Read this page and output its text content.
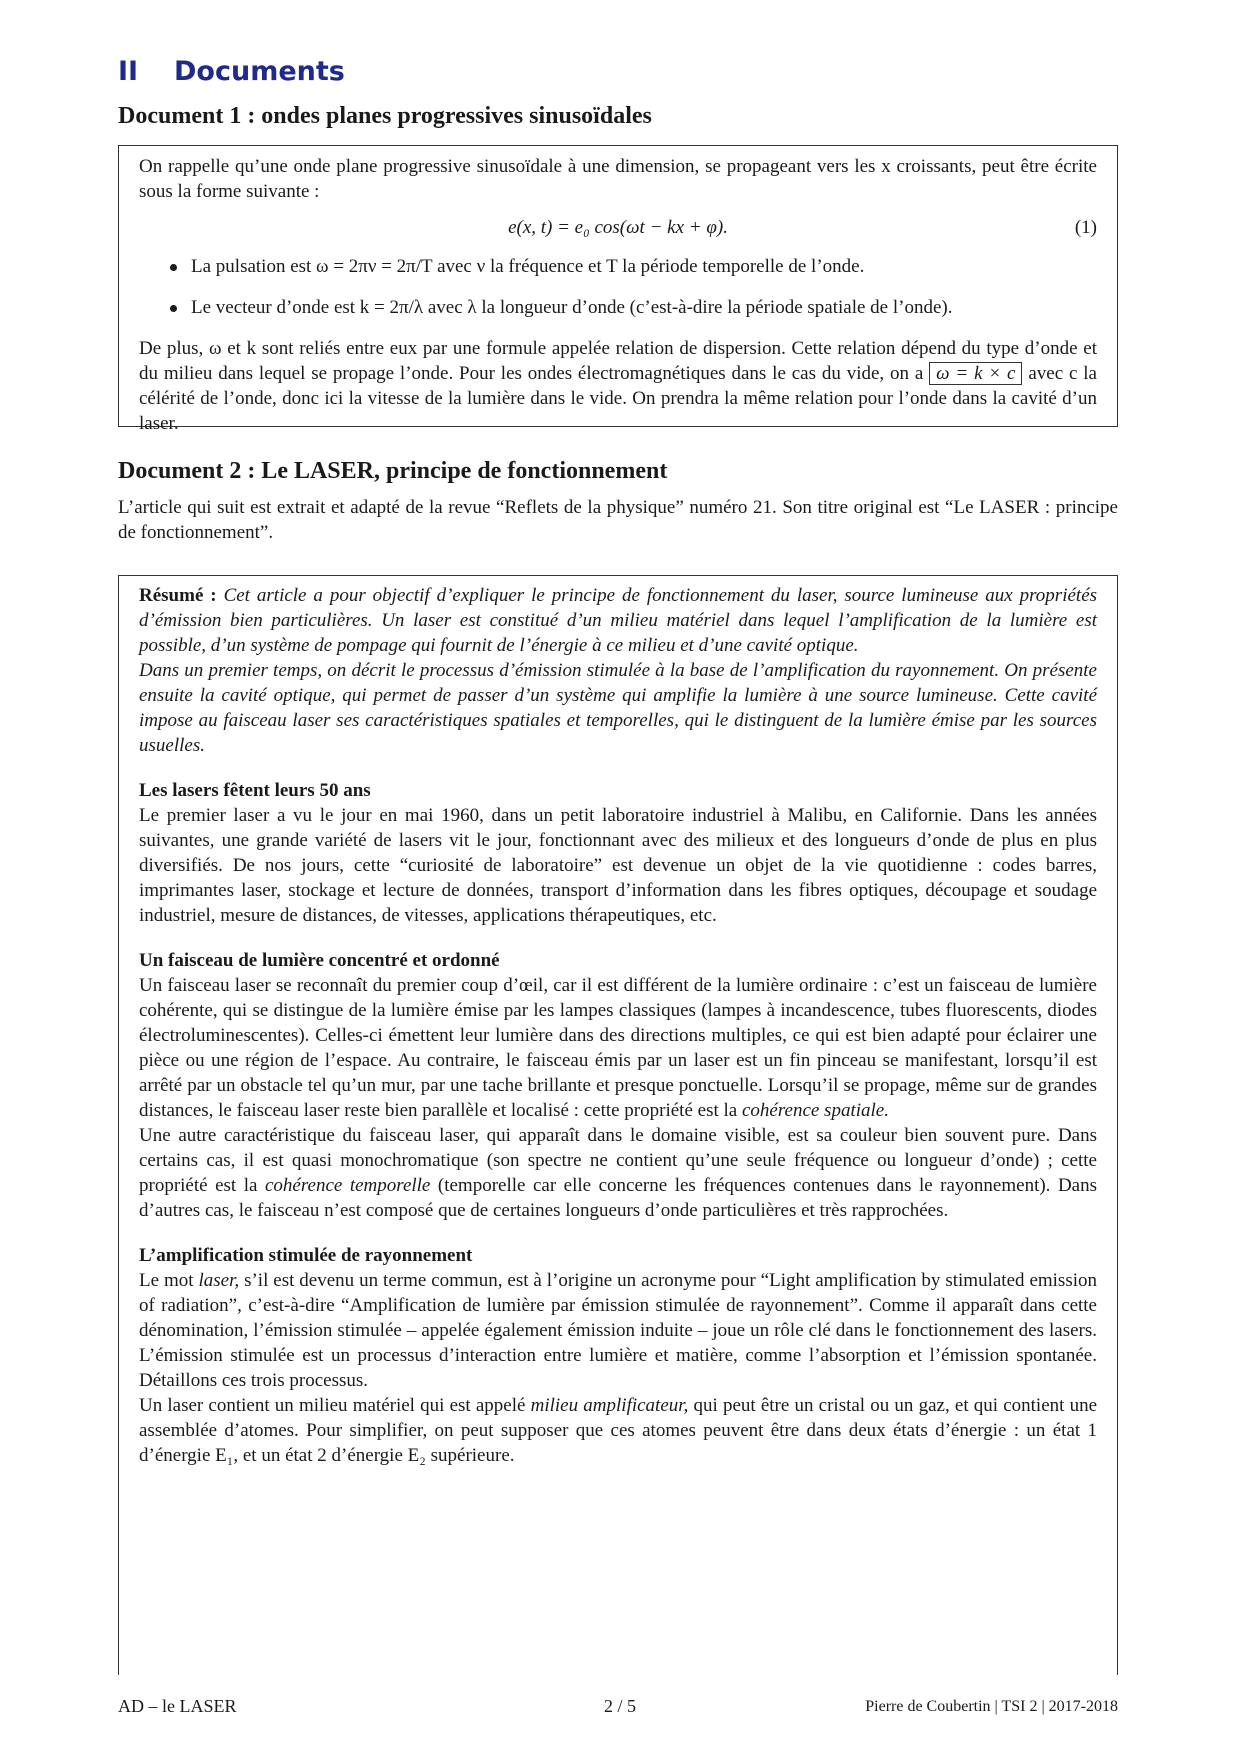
II Documents
Document 1 : ondes planes progressives sinusoïdales

On rappelle qu’une onde plane progressive sinusoïdale à une dimension, se propageant vers les x croissants, peut être écrite sous la forme suivante :

e(x, t) = e₀ cos(ωt − kx + φ).	(1)
La pulsation est ω = 2πν = 2π/T avec ν la fréquence et T la période temporelle de l’onde.
Le vecteur d’onde est k = 2π/λ avec λ la longueur d’onde (c’est-à-dire la période spatiale de l’onde).

De plus, ω et k sont reliés entre eux par une formule appelée relation de dispersion. Cette relation dépend du type d’onde et du milieu dans lequel se propage l’onde. Pour les ondes électromagnétiques dans le cas du vide, on a ω = k × c avec c la célérité de l’onde, donc ici la vitesse de la lumière dans le vide. On prendra la même relation pour l’onde dans la cavité d’un laser.

Document 2 : Le LASER, principe de fonctionnement

L’article qui suit est extrait et adapté de la revue “Reflets de la physique” numéro 21. Son titre original est “Le LASER : principe de fonctionnement”.

Résumé : Cet article a pour objectif d’expliquer le principe de fonctionnement du laser, source lumineuse aux propriétés d’émission bien particulières. Un laser est constitué d’un milieu matériel dans lequel l’amplification de la lumière est possible, d’un système de pompage qui fournit de l’énergie à ce milieu et d’une cavité optique.

Dans un premier temps, on décrit le processus d’émission stimulée à la base de l’amplification du rayonnement. On présente ensuite la cavité optique, qui permet de passer d’un système qui amplifie la lumière à une source lumineuse. Cette cavité impose au faisceau laser ses caractéristiques spatiales et temporelles, qui le distinguent de la lumière émise par les sources usuelles.

Les lasers fêtent leurs 50 ans

Le premier laser a vu le jour en mai 1960, dans un petit laboratoire industriel à Malibu, en Californie. Dans les années suivantes, une grande variété de lasers vit le jour, fonctionnant avec des milieux et des longueurs d’onde de plus en plus diversifiés. De nos jours, cette “curiosité de laboratoire” est devenue un objet de la vie quotidienne : codes barres, imprimantes laser, stockage et lecture de données, transport d’information dans les fibres optiques, découpage et soudage industriel, mesure de distances, de vitesses, applications thérapeutiques, etc.

Un faisceau de lumière concentré et ordonné

Un faisceau laser se reconnaît du premier coup d’œil, car il est différent de la lumière ordinaire : c’est un faisceau de lumière cohérente, qui se distingue de la lumière émise par les lampes classiques (lampes à incandescence, tubes fluorescents, diodes électroluminescentes). Celles-ci émettent leur lumière dans des directions multiples, ce qui est bien adapté pour éclairer une pièce ou une région de l’espace. Au contraire, le faisceau émis par un laser est un fin pinceau se manifestant, lorsqu’il est arrêté par un obstacle tel qu’un mur, par une tache brillante et presque ponctuelle. Lorsqu’il se propage, même sur de grandes distances, le faisceau laser reste bien parallèle et localisé : cette propriété est la cohérence spatiale.

Une autre caractéristique du faisceau laser, qui apparaît dans le domaine visible, est sa couleur bien souvent pure. Dans certains cas, il est quasi monochromatique (son spectre ne contient qu’une seule fréquence ou longueur d’onde) ; cette propriété est la cohérence temporelle (temporelle car elle concerne les fréquences contenues dans le rayonnement). Dans d’autres cas, le faisceau n’est composé que de certaines longueurs d’onde particulières et très rapprochées.

L’amplification stimulée de rayonnement

Le mot laser, s’il est devenu un terme commun, est à l’origine un acronyme pour “Light amplification by stimulated emission of radiation”, c’est-à-dire “Amplification de lumière par émission stimulée de rayonnement”. Comme il apparaît dans cette dénomination, l’émission stimulée – appelée également émission induite – joue un rôle clé dans le fonctionnement des lasers. L’émission stimulée est un processus d’interaction entre lumière et matière, comme l’absorption et l’émission spontanée. Détaillons ces trois processus.

Un laser contient un milieu matériel qui est appelé milieu amplificateur, qui peut être un cristal ou un gaz, et qui contient une assemblée d’atomes. Pour simplifier, on peut supposer que ces atomes peuvent être dans deux états d’énergie : un état 1 d’énergie E₁, et un état 2 d’énergie E₂ supérieure.

AD – le LASER	2 / 5	Pierre de Coubertin | TSI 2 | 2017-2018
